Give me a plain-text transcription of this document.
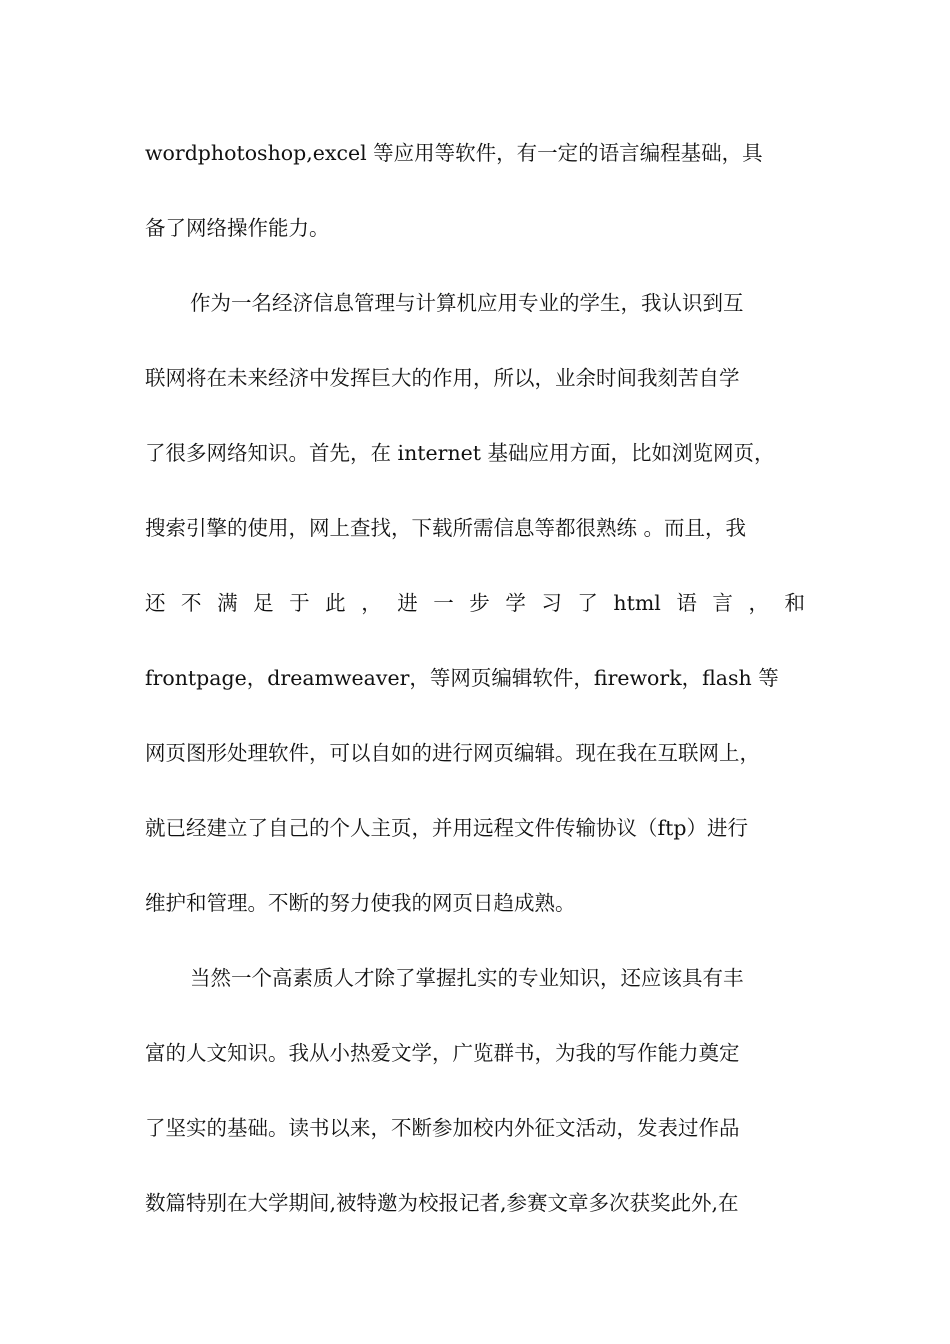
wordphotoshop,excel 等应用等软件，有一定的语言编程基础，具
备了网络操作能力。
作为一名经济信息管理与计算机应用专业的学生，我认识到互
联网将在未来经济中发挥巨大的作用，所以，业余时间我刻苦自学
了很多网络知识。首先，在 internet 基础应用方面，比如浏览网页，
搜索引擎的使用，网上查找，下载所需信息等都很熟练 。而且，我
还 不 满 足 于 此 ， 进 一 步 学 习 了 html 语 言 ， 和
frontpage，dreamweaver，等网页编辑软件，firework，flash 等
网页图形处理软件，可以自如的进行网页编辑。现在我在互联网上，
就已经建立了自己的个人主页，并用远程文件传输协议（ftp）进行
维护和管理。不断的努力使我的网页日趋成熟。
当然一个高素质人才除了掌握扎实的专业知识，还应该具有丰
富的人文知识。我从小热爱文学，广览群书，为我的写作能力奠定
了坚实的基础。读书以来，不断参加校内外征文活动，发表过作品
数篇特别在大学期间,被特邀为校报记者,参赛文章多次获奖此外,在
